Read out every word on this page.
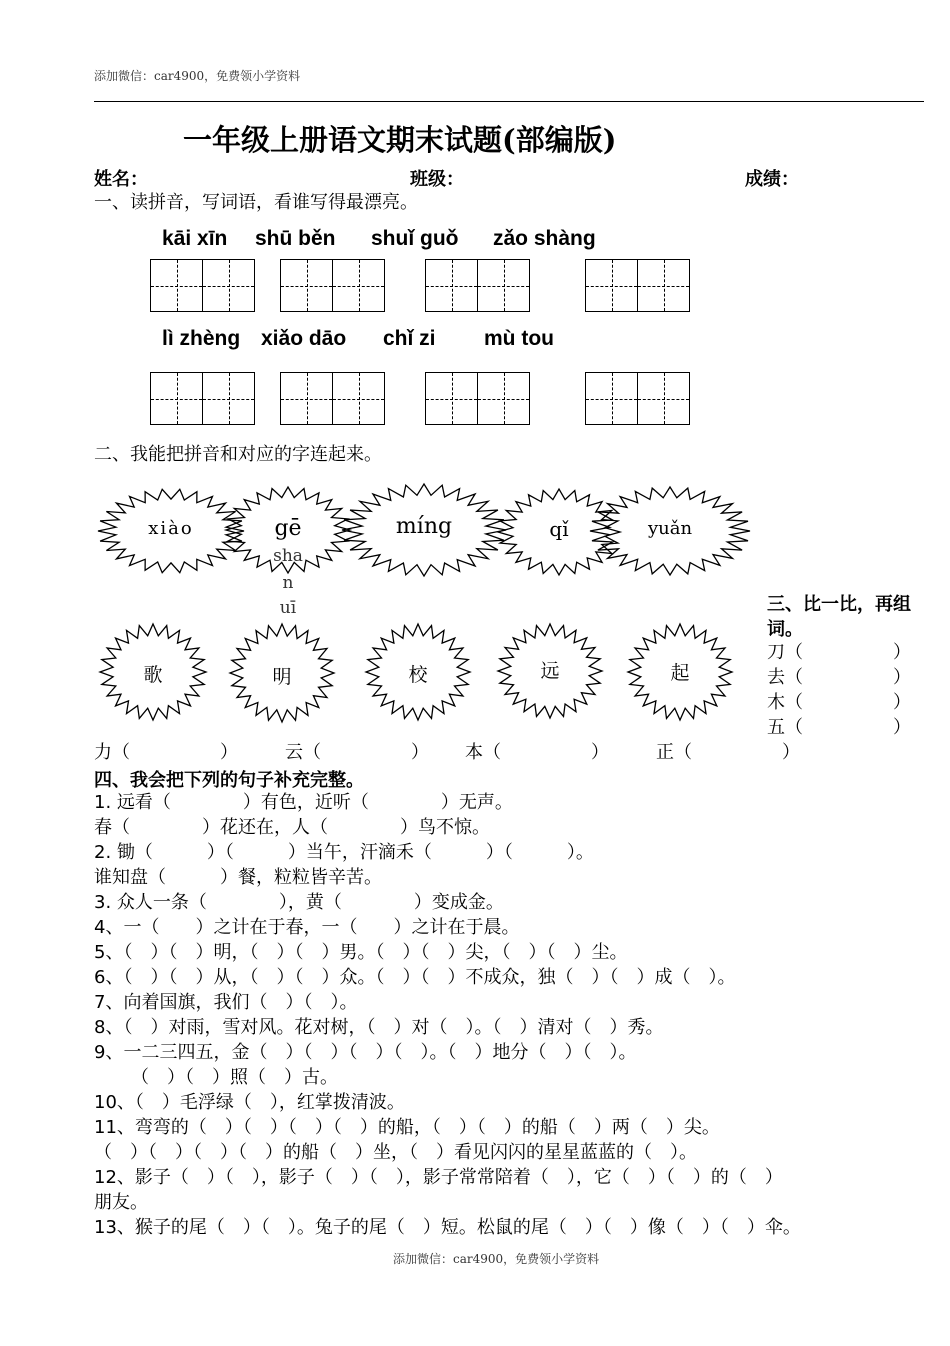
添加微信：car4900，免费领小学资料
一年级上册语文期末试题(部编版)
姓名：	班级：	成绩：
一、读拼音，写词语，看谁写得最漂亮。
kāi xīn shū běn shuǐ guǒ zǎo shàng
lì zhèng xiǎo dāo chǐ zi mù tou
二、我能把拼音和对应的字连起来。
xiào	gē	míng	qǐ	yuǎn
sha
n
uī
歌	明	校	远	起
三、比一比，再组词。
刀（　　　　　）
去（　　　　　）
木（　　　　　）
五（　　　　　）
力（　　　　　）	云（　　　　　） 本（　　　　　）	正（　　　　　）
四、我会把下列的句子补充完整。
1. 远看（　　　　）有色，近听（　　　　）无声。
春（　　　　）花还在，人（　　　　）鸟不惊。
2. 锄（　　　）（　　　）当午，汗滴禾（　　　）（　　　）。
谁知盘（　　　）餐，粒粒皆辛苦。
3. 众人一条（　　　　），黄（　　　　）变成金。
4、一（　　）之计在于春，一（　　）之计在于晨。
5、（　）（　）明，（　）（　）男。（　）（　）尖，（　）（　）尘。
6、（　）（　）从，（　）（　）众。（　）（　）不成众，独（　）（　）成（　）。
7、向着国旗，我们（　）（　）。
8、（　）对雨，雪对风。花对树，（　）对（　）。（　）清对（　）秀。
9、一二三四五，金（　）（　）（　）（　）。（　）地分（　）（　）。
　（　）（　）照（　）古。
10、（　）毛浮绿（　），红掌拨清波。
11、弯弯的（　）（　）（　）（　）的船，（　）（　）的船（　）两（　）尖。
（　）（　）（　）（　）的船（　）坐，（　）看见闪闪的星星蓝蓝的（　）。
12、影子（　）（　），影子（　）（　），影子常常陪着（　），它（　）（　）的（　）
朋友。
13、猴子的尾（　）（　）。兔子的尾（　）短。松鼠的尾（　）（　）像（　）（　）伞。
添加微信：car4900，免费领小学资料
